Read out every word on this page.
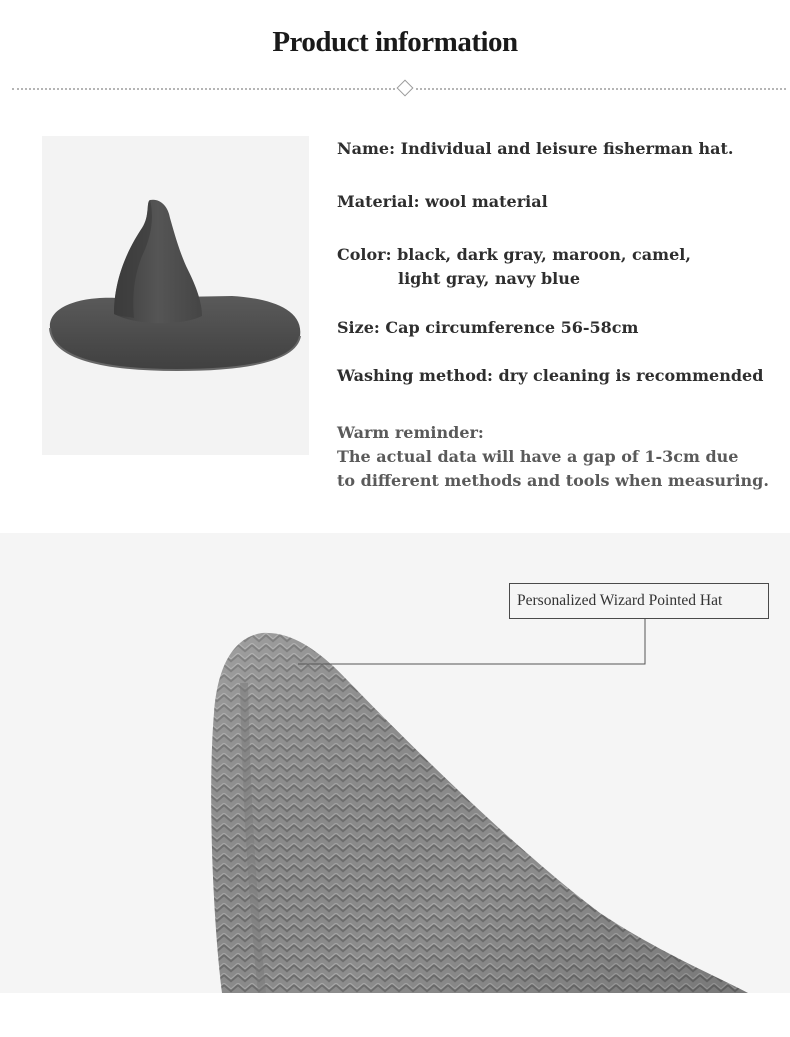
Product information
Name: Individual and leisure fisherman hat.
Material: wool material
Color: black, dark gray, maroon, camel,
light gray, navy blue
Size: Cap circumference 56-58cm
Washing method: dry cleaning is recommended
Warm reminder:
The actual data will have a gap of 1-3cm due
to different methods and tools when measuring.
Personalized Wizard Pointed Hat
